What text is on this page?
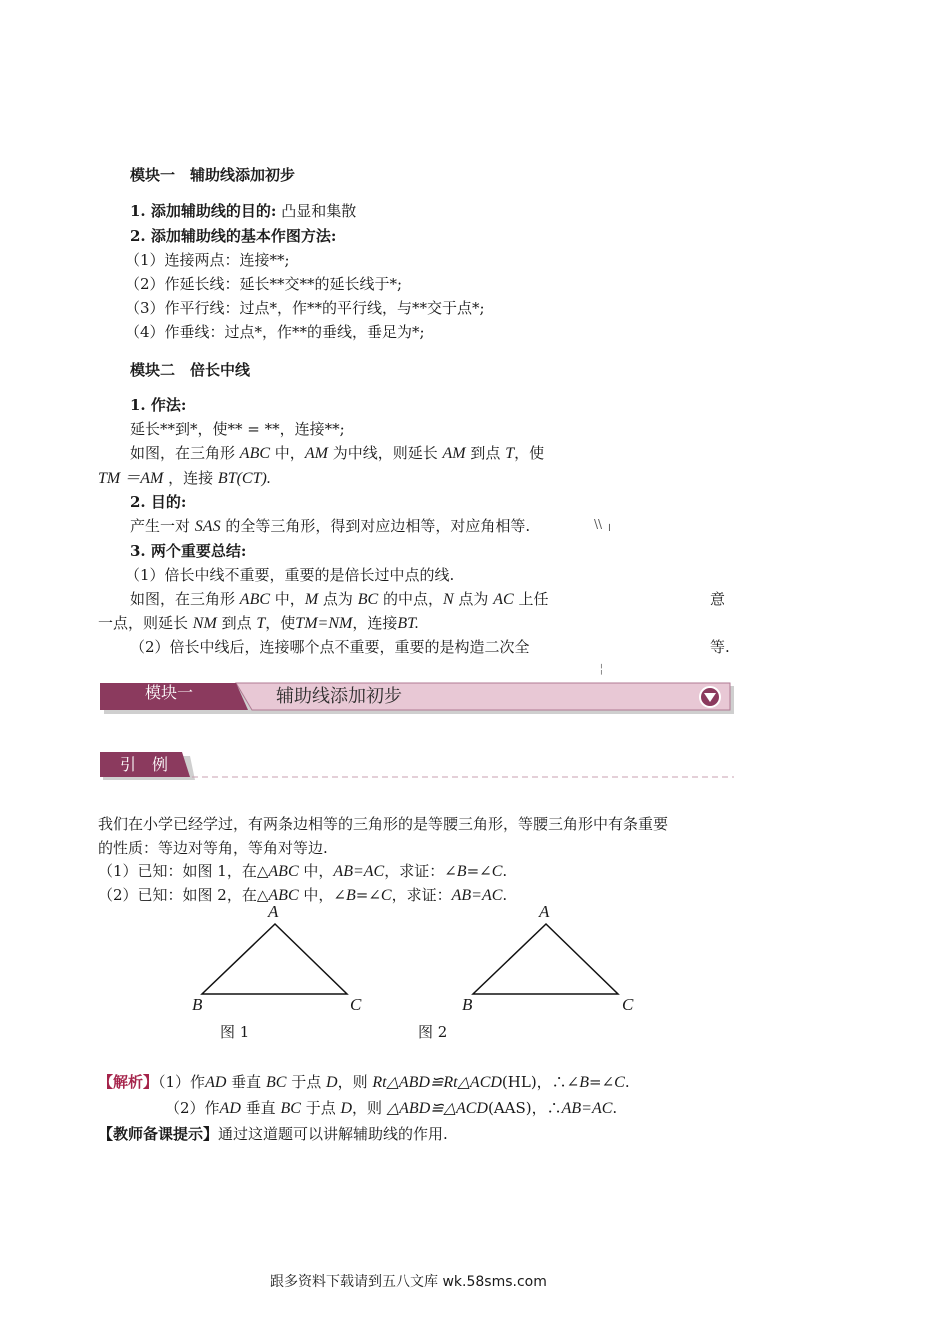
模块一　辅助线添加初步
1. 添加辅助线的目的: 凸显和集散
2. 添加辅助线的基本作图方法:
（1）连接两点：连接**;
（2）作延长线：延长**交**的延长线于*;
（3）作平行线：过点*，作**的平行线，与**交于点*;
（4）作垂线：过点*，作**的垂线，垂足为*;
模块二　倍长中线
1. 作法:
延长**到*，使** = **，连接**;
如图，在三角形 ABC 中，AM 为中线，则延长 AM 到点 T，使
TM ＝AM ，连接 BT(CT).
2. 目的:
产生一对 SAS 的全等三角形，得到对应边相等，对应角相等.	\\ ╷
3. 两个重要总结:
（1）倍长中线不重要，重要的是倍长过中点的线.
如图，在三角形 ABC 中，M 点为 BC 的中点，N 点为 AC 上任	意
一点，则延长 NM 到点 T，使TM=NM，连接BT.
（2）倍长中线后，连接哪个点不重要，重要的是构造二次全	等.
╎
模块一	辅助线添加初步
引　例
我们在小学已经学过，有两条边相等的三角形的是等腰三角形，等腰三角形中有条重要
的性质：等边对等角，等角对等边.
（1）已知：如图 1，在△ABC 中，AB=AC，求证：∠B=∠C.
（2）已知：如图 2，在△ABC 中，∠B=∠C，求证：AB=AC.
A
B	C
图 1
A
B	C
图 2
【解析】（1）作AD 垂直 BC 于点 D，则 Rt△ABD≌Rt△ACD(HL)，∴∠B=∠C.
（2）作AD 垂直 BC 于点 D，则 △ABD≌△ACD(AAS)，∴AB=AC.
【教师备课提示】通过这道题可以讲解辅助线的作用.
跟多资料下载请到五八文库 wk.58sms.com
